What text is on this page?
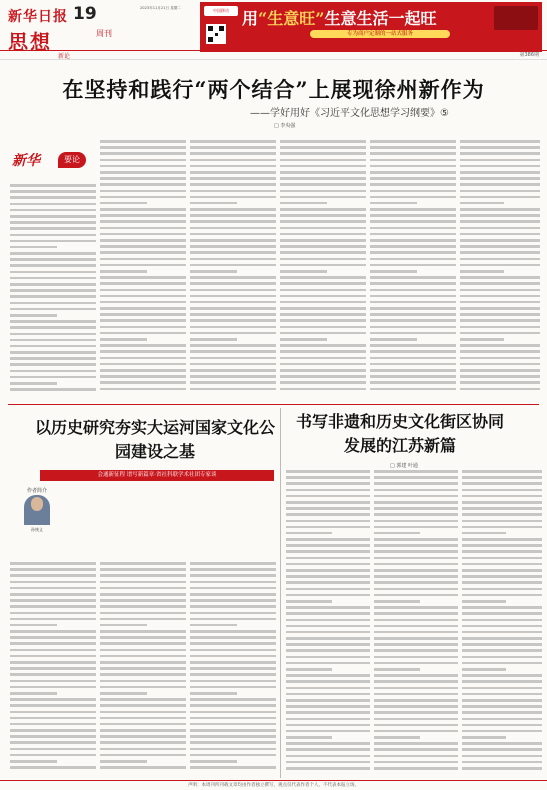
新华日报 19	2023年11月21日 星期二
思想	周刊
中国移动 用“生意旺”生意生活一起旺
专为商户定制的一站式服务
新论	第386期
在坚持和践行“两个结合”上展现徐州新作为
——学好用好《习近平文化思想学习纲要》⑤
□ 李央强
新华	要论
以历史研究夯实大运河国家文化公园建设之基
会通新征程 谱写新篇章·省社科联学术社团专家谈
作者简介
孙统义
书写非遗和历史文化街区协同发展的江苏新篇
□ 郭建 叶通
声明：本周刊所刊载文章均由作者独立撰写，观点仅代表作者个人，不代表本报立场。
